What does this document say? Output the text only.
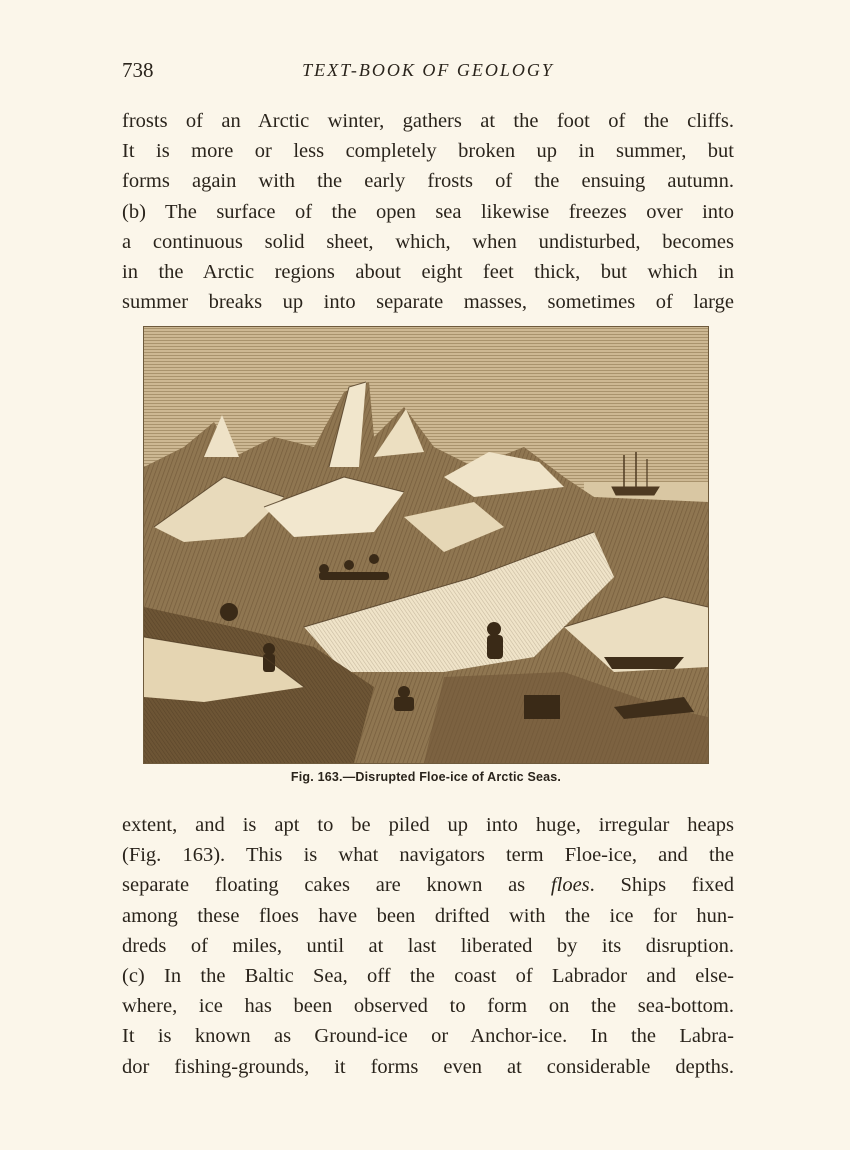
738	TEXT-BOOK OF GEOLOGY
frosts of an Arctic winter, gathers at the foot of the cliffs.
It is more or less completely broken up in summer, but
forms again with the early frosts of the ensuing autumn.
(b) The surface of the open sea likewise freezes over into
a continuous solid sheet, which, when undisturbed, becomes
in the Arctic regions about eight feet thick, but which in
summer breaks up into separate masses, sometimes of large
Fig. 163.—Disrupted Floe-ice of Arctic Seas.
extent, and is apt to be piled up into huge, irregular heaps
(Fig. 163). This is what navigators term Floe-ice, and the
separate floating cakes are known as floes. Ships fixed
among these floes have been drifted with the ice for hun-
dreds of miles, until at last liberated by its disruption.
(c) In the Baltic Sea, off the coast of Labrador and else-
where, ice has been observed to form on the sea-bottom.
It is known as Ground-ice or Anchor-ice. In the Labra-
dor fishing-grounds, it forms even at considerable depths.
